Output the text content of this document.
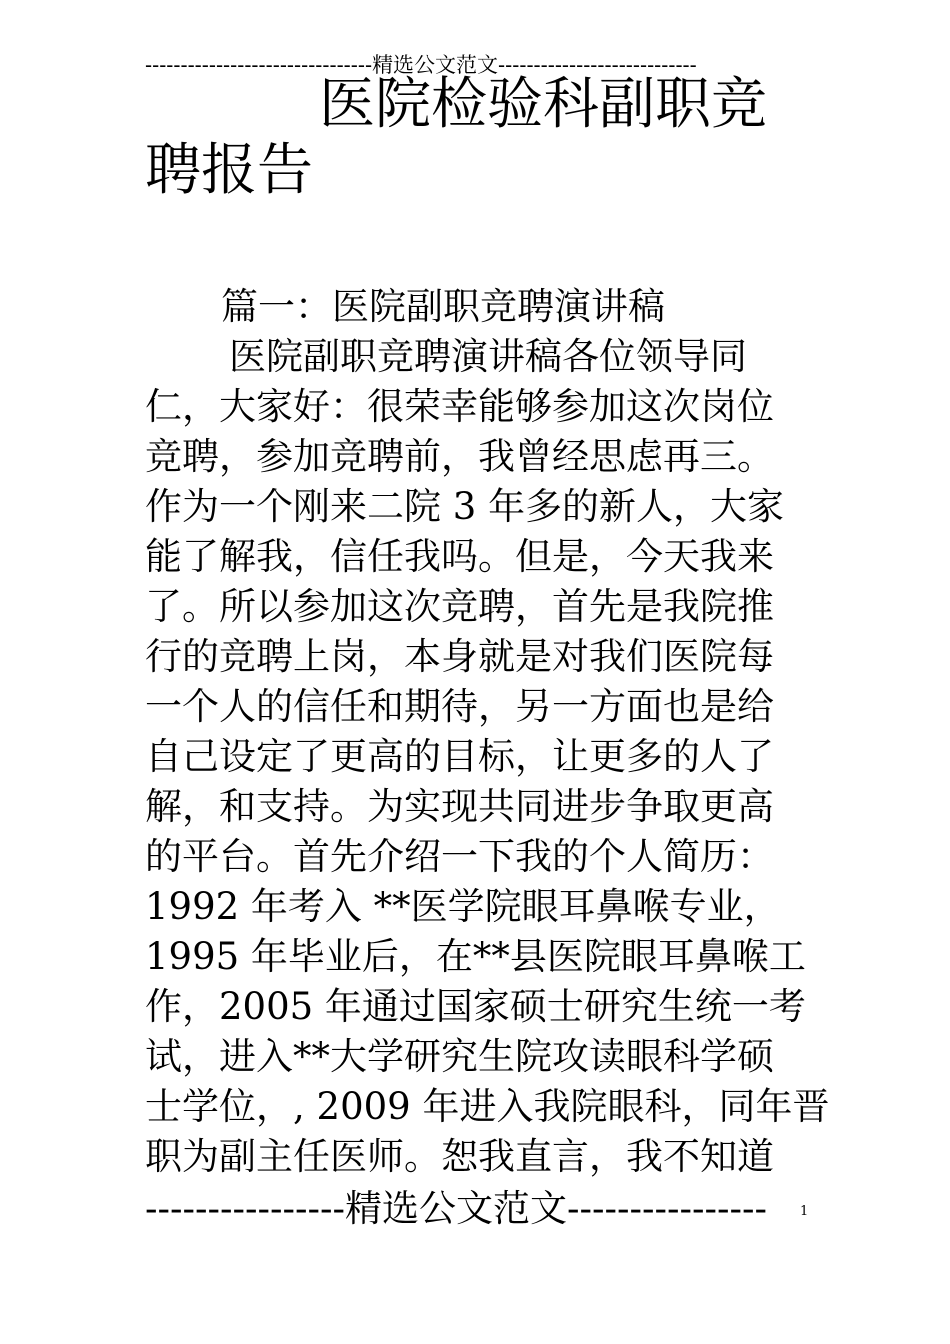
--------------------------------精选公文范文----------------------------
医院检验科副职竞
聘报告
篇一：医院副职竞聘演讲稿
医院副职竞聘演讲稿各位领导同
仁，大家好：很荣幸能够参加这次岗位
竞聘，参加竞聘前，我曾经思虑再三。
作为一个刚来二院 3 年多的新人，大家
能了解我，信任我吗。但是，今天我来
了。所以参加这次竞聘，首先是我院推
行的竞聘上岗，本身就是对我们医院每
一个人的信任和期待，另一方面也是给
自己设定了更高的目标，让更多的人了
解，和支持。为实现共同进步争取更高
的平台。首先介绍一下我的个人简历：
1992 年考入 **医学院眼耳鼻喉专业，
1995 年毕业后，在**县医院眼耳鼻喉工
作，2005 年通过国家硕士研究生统一考
试，进入**大学研究生院攻读眼科学硕
士学位，, 2009 年进入我院眼科，同年晋
职为副主任医师。恕我直言，我不知道
----------------精选公文范文----------------	1
